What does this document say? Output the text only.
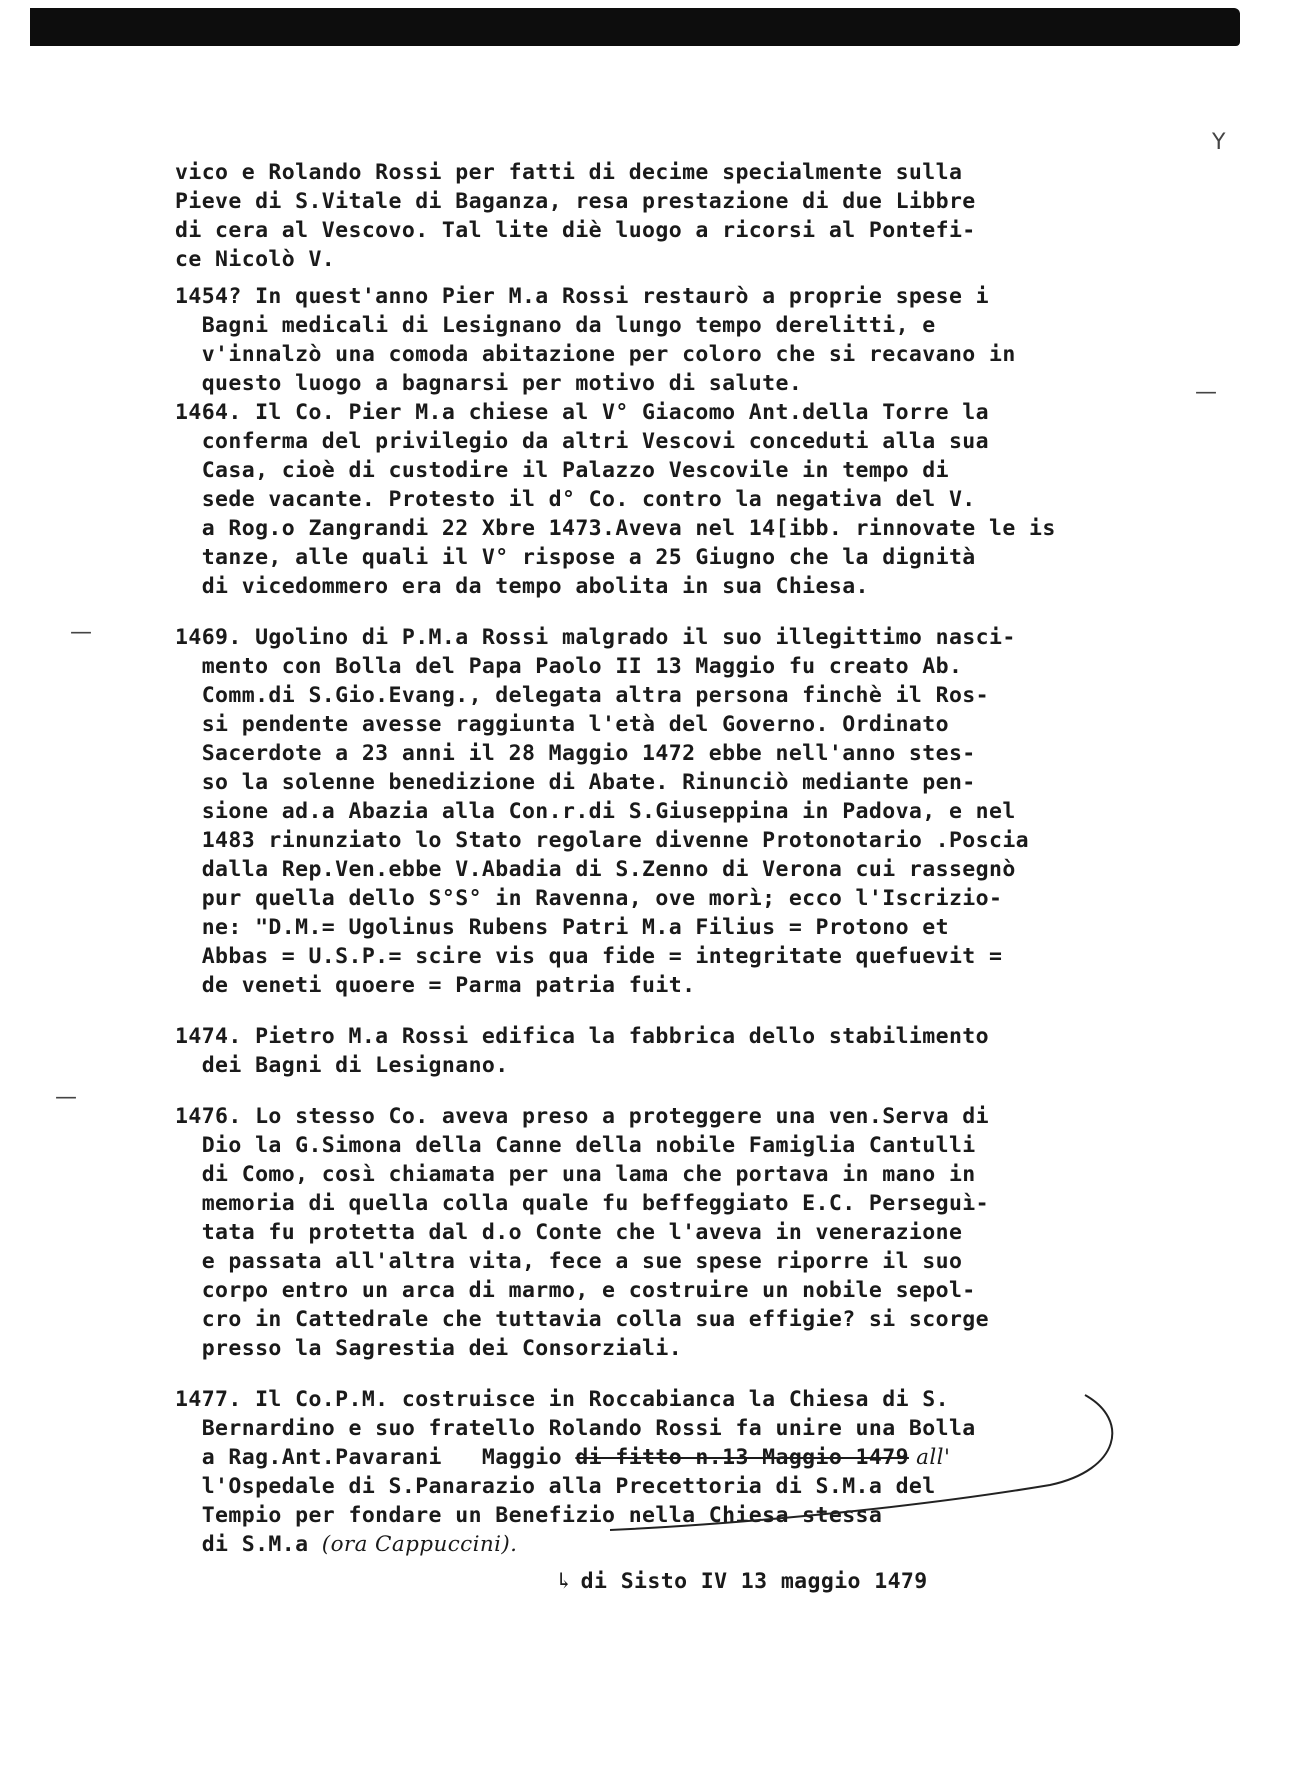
vico e Rolando Rossi per fatti di decime specialmente sulla
Pieve di S.Vitale di Baganza, resa prestazione di due Libbre
di cera al Vescovo. Tal lite diè luogo a ricorsi al Pontefi-
ce Nicolò V.
1454? In quest'anno Pier M.a Rossi restaurò a proprie spese i
Bagni medicali di Lesignano da lungo tempo derelitti, e
v'innalzò una comoda abitazione per coloro che si recavano in
questo luogo a bagnarsi per motivo di salute.
1464. Il Co. Pier M.a chiese al V° Giacomo Ant.della Torre la
conferma del privilegio da altri Vescovi conceduti alla sua
Casa, cioè di custodire il Palazzo Vescovile in tempo di
sede vacante. Protesto il d° Co. contro la negativa del V.
a Rog.o Zangrandi 22 Xbre 1473.Aveva nel 14[ibb. rinnovate le is
tanze, alle quali il V° rispose a 25 Giugno che la dignità
di vicedommero era da tempo abolita in sua Chiesa.
1469. Ugolino di P.M.a Rossi malgrado il suo illegittimo nasci-
mento con Bolla del Papa Paolo II 13 Maggio fu creato Ab.
Comm.di S.Gio.Evang., delegata altra persona finchè il Ros-
si pendente avesse raggiunta l'età del Governo. Ordinato
Sacerdote a 23 anni il 28 Maggio 1472 ebbe nell'anno stes-
so la solenne benedizione di Abate. Rinunciò mediante pen-
sione ad.a Abazia alla Con.r.di S.Giuseppina in Padova, e nel
1483 rinunziato lo Stato regolare divenne Protonotario .Poscia
dalla Rep.Ven.ebbe V.Abadia di S.Zenno di Verona cui rassegnò
pur quella dello S°S° in Ravenna, ove morì; ecco l'Iscrizio-
ne: "D.M.= Ugolinus Rubens Patri M.a Filius = Protono et
Abbas = U.S.P.= scire vis qua fide = integritate quefuevit =
de veneti quoere = Parma patria fuit.
1474. Pietro M.a Rossi edifica la fabbrica dello stabilimento
dei Bagni di Lesignano.
1476. Lo stesso Co. aveva preso a proteggere una ven.Serva di
Dio la G.Simona della Canne della nobile Famiglia Cantulli
di Como, così chiamata per una lama che portava in mano in
memoria di quella colla quale fu beffeggiato E.C. Perseguì-
tata fu protetta dal d.o Conte che l'aveva in venerazione
e passata all'altra vita, fece a sue spese riporre il suo
corpo entro un arca di marmo, e costruire un nobile sepol-
cro in Cattedrale che tuttavia colla sua effigie? si scorge
presso la Sagrestia dei Consorziali.
1477. Il Co.P.M. costruisce in Roccabianca la Chiesa di S.
Bernardino e suo fratello Rolando Rossi fa unire una Bolla
a Rag.Ant.Pavarani   Maggio di fitto n.13 Maggio 1479 all'
l'Ospedale di S.Panarazio alla Precettoria di S.M.a del
Tempio per fondare un Benefizio nella Chiesa stessa
di S.M.a (ora Cappuccini).
↳ di Sisto IV 13 maggio 1479
Y
—
—
—
